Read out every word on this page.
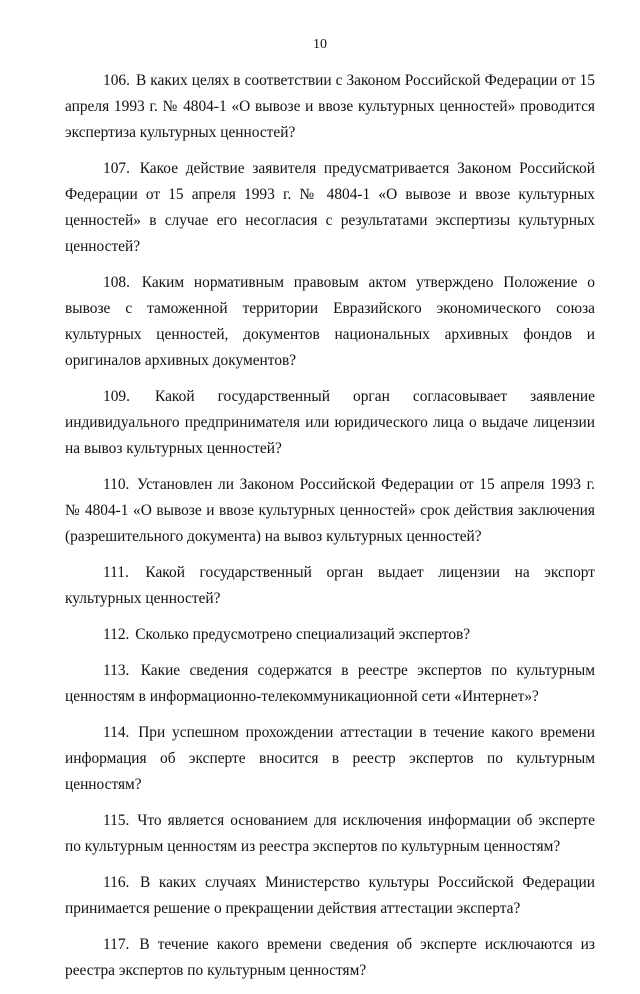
10

106. В каких целях в соответствии с Законом Российской Федерации от 15 апреля 1993 г. № 4804-1 «О вывозе и ввозе культурных ценностей» проводится экспертиза культурных ценностей?

107. Какое действие заявителя предусматривается Законом Российской Федерации от 15 апреля 1993 г. № 4804-1 «О вывозе и ввозе культурных ценностей» в случае его несогласия с результатами экспертизы культурных ценностей?

108. Каким нормативным правовым актом утверждено Положение о вывозе с таможенной территории Евразийского экономического союза культурных ценностей, документов национальных архивных фондов и оригиналов архивных документов?

109. Какой государственный орган согласовывает заявление индивидуального предпринимателя или юридического лица о выдаче лицензии на вывоз культурных ценностей?

110. Установлен ли Законом Российской Федерации от 15 апреля 1993 г. № 4804-1 «О вывозе и ввозе культурных ценностей» срок действия заключения (разрешительного документа) на вывоз культурных ценностей?

111. Какой государственный орган выдает лицензии на экспорт культурных ценностей?

112. Сколько предусмотрено специализаций экспертов?

113. Какие сведения содержатся в реестре экспертов по культурным ценностям в информационно-телекоммуникационной сети «Интернет»?

114. При успешном прохождении аттестации в течение какого времени информация об эксперте вносится в реестр экспертов по культурным ценностям?

115. Что является основанием для исключения информации об эксперте по культурным ценностям из реестра экспертов по культурным ценностям?

116. В каких случаях Министерство культуры Российской Федерации принимается решение о прекращении действия аттестации эксперта?

117. В течение какого времени сведения об эксперте исключаются из реестра экспертов по культурным ценностям?
